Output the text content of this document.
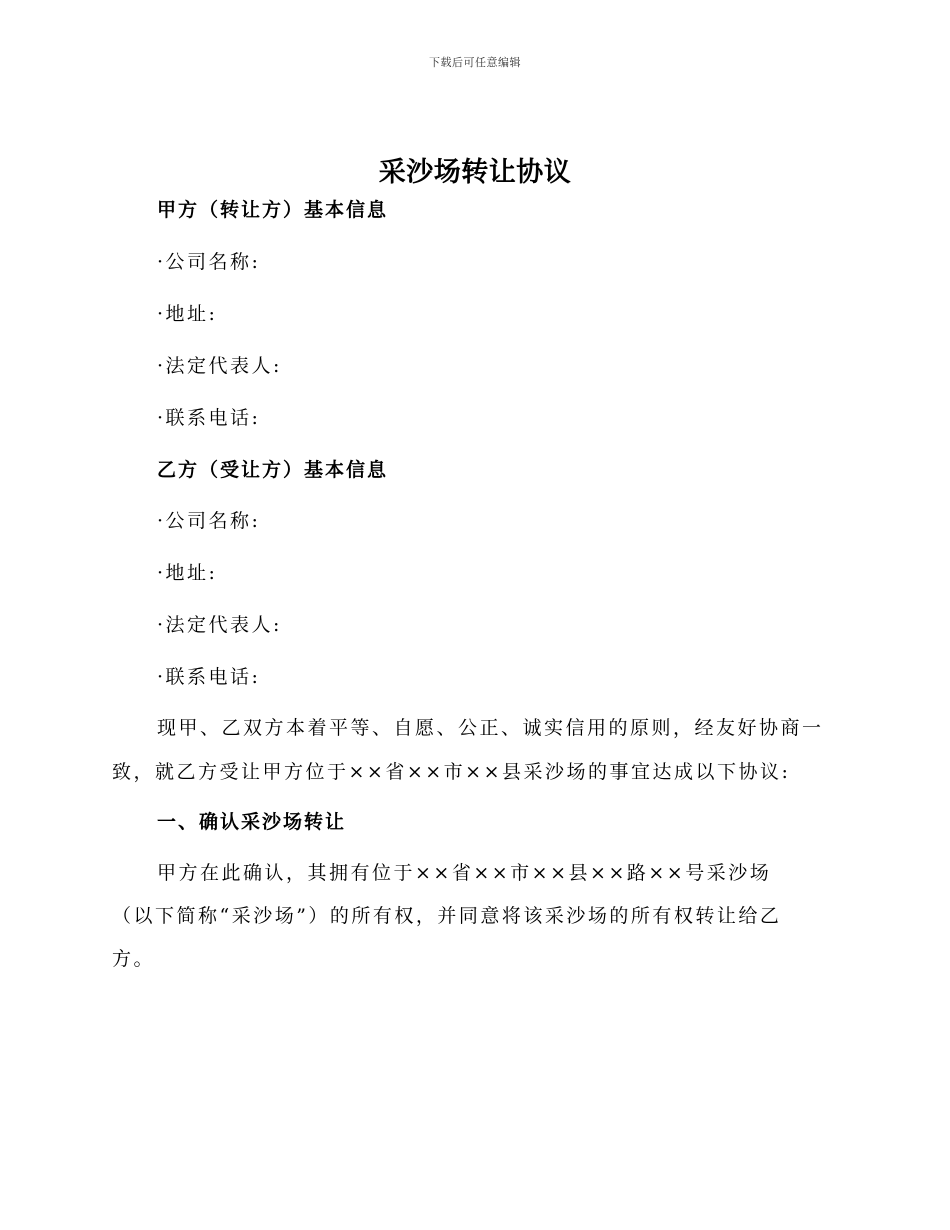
下载后可任意编辑
采沙场转让协议
甲方（转让方）基本信息
·公司名称:
·地址:
·法定代表人:
·联系电话:
乙方（受让方）基本信息
·公司名称:
·地址:
·法定代表人:
·联系电话:
现甲、乙双方本着平等、自愿、公正、诚实信用的原则，经友好协商一
致，就乙方受让甲方位于××省××市××县采沙场的事宜达成以下协议:
一、确认采沙场转让
甲方在此确认，其拥有位于××省××市××县××路××号采沙场
（以下简称“采沙场”）的所有权，并同意将该采沙场的所有权转让给乙
方。
